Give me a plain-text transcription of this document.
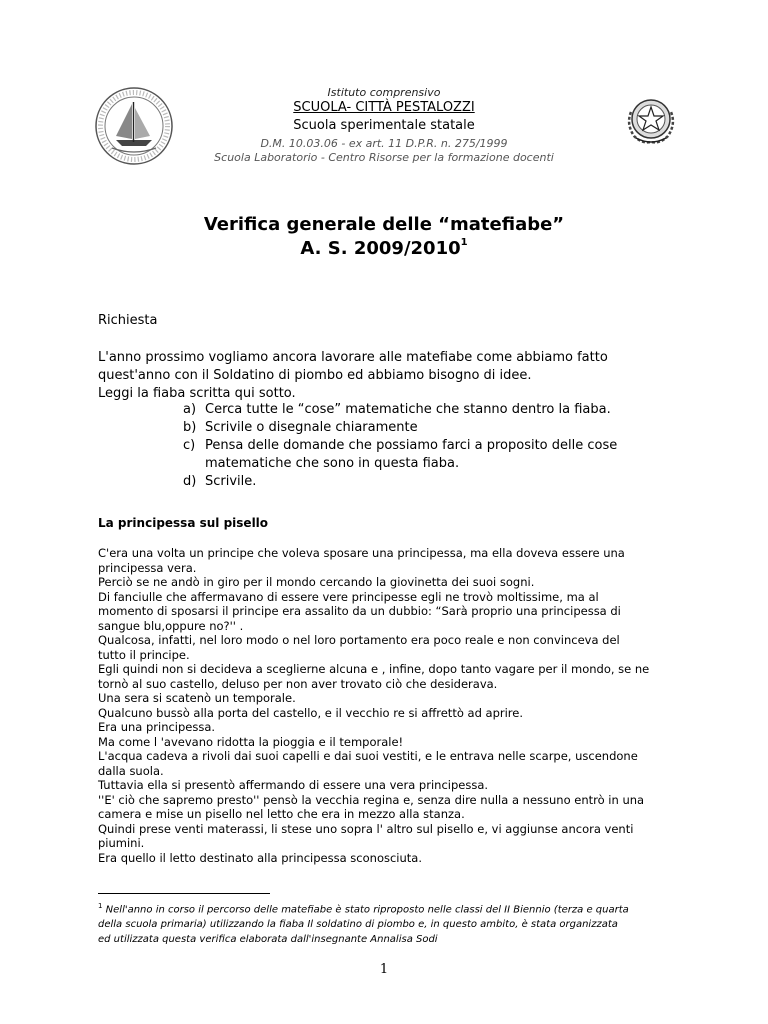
Istituto comprensivo
SCUOLA- CITTÀ PESTALOZZI
Scuola sperimentale statale
D.M. 10.03.06 - ex art. 11 D.P.R. n. 275/1999
Scuola Laboratorio - Centro Risorse per la formazione docenti
Verifica generale delle “matefiabe”
A. S. 2009/2010$^1$
Richiesta
L'anno prossimo vogliamo ancora lavorare alle matefiabe come abbiamo fatto
quest'anno con il Soldatino di piombo ed abbiamo bisogno di idee.
Leggi la fiaba scritta qui sotto.
a) Cerca tutte le “cose” matematiche che stanno dentro la fiaba.
b) Scrivile o disegnale chiaramente
c) Pensa delle domande che possiamo farci a proposito delle cose
matematiche che sono in questa fiaba.
d) Scrivile.
La principessa sul pisello
C'era una volta un principe che voleva sposare una principessa, ma ella doveva essere una
principessa vera.
Perciò se ne andò in giro per il mondo cercando la giovinetta dei suoi sogni.
Di fanciulle che affermavano di essere vere principesse egli ne trovò moltissime, ma al
momento di sposarsi il principe era assalito da un dubbio: “Sarà proprio una principessa di
sangue blu,oppure no?'' .
Qualcosa, infatti, nel loro modo o nel loro portamento era poco reale e non convinceva del
tutto il principe.
Egli quindi non si decideva a sceglierne alcuna e , infine, dopo tanto vagare per il mondo, se ne
tornò al suo castello, deluso per non aver trovato ciò che desiderava.
Una sera si scatenò un temporale.
Qualcuno bussò alla porta del castello, e il vecchio re si affrettò ad aprire.
Era una principessa.
Ma come l 'avevano ridotta la pioggia e il temporale!
L'acqua cadeva a rivoli dai suoi capelli e dai suoi vestiti, e le entrava nelle scarpe, uscendone
dalla suola.
Tuttavia ella si presentò affermando di essere una vera principessa.
''E' ciò che sapremo presto'' pensò la vecchia regina e, senza dire nulla a nessuno entrò in una
camera e mise un pisello nel letto che era in mezzo alla stanza.
Quindi prese venti materassi, li stese uno sopra l' altro sul pisello e, vi aggiunse ancora venti
piumini.
Era quello il letto destinato alla principessa sconosciuta.
$^1$ Nell'anno in corso il percorso delle matefiabe è stato riproposto nelle classi del II Biennio (terza e quarta
della scuola primaria) utilizzando la fiaba Il soldatino di piombo e, in questo ambito, è stata organizzata
ed utilizzata questa verifica elaborata dall'insegnante Annalisa Sodi
1
